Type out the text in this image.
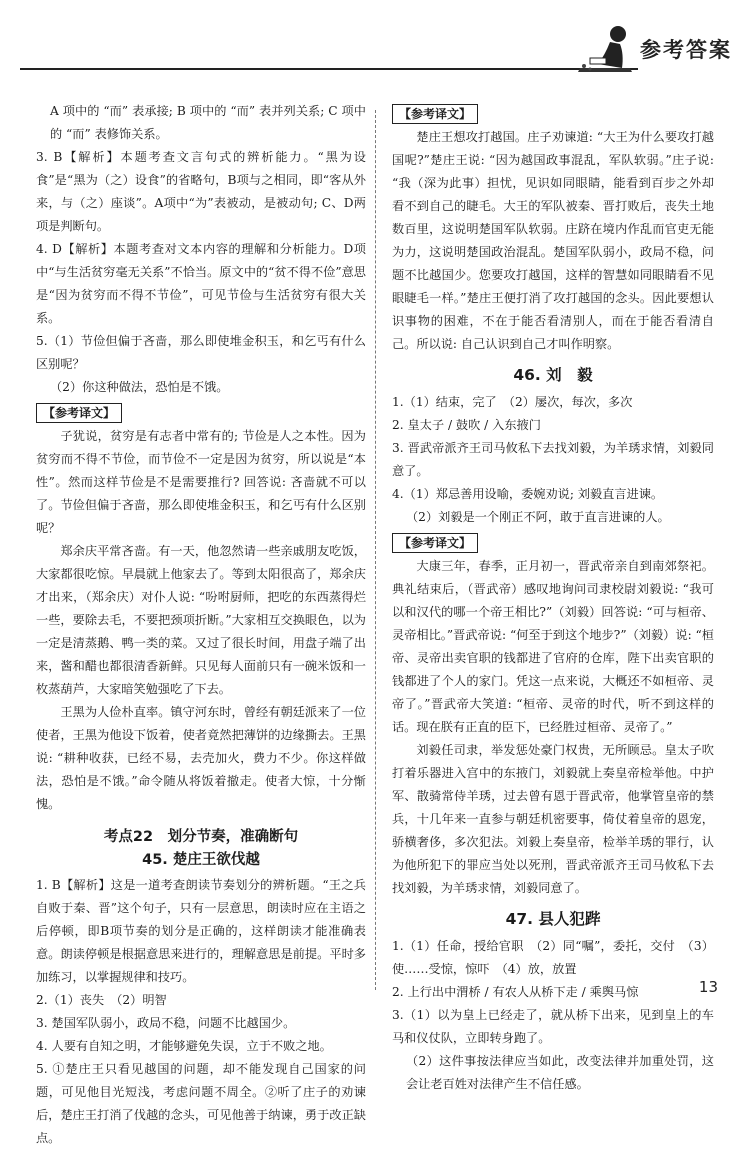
参考答案

A 项中的 “而” 表承接; B 项中的 “而” 表并列关系; C 项中的 “而” 表修饰关系。

3. B【解析】本题考查文言句式的辨析能力。“黑为设食”是“黑为（之）设食”的省略句，B项与之相同，即“客从外来，与（之）座谈”。A项中“为”表被动，是被动句; C、D两项是判断句。

4. D【解析】本题考查对文本内容的理解和分析能力。D项中“与生活贫穷毫无关系”不恰当。原文中的“贫不得不俭”意思是“因为贫穷而不得不节俭”，可见节俭与生活贫穷有很大关系。

5.（1）节俭但偏于吝啬，那么即使堆金积玉，和乞丐有什么区别呢？

（2）你这种做法，恐怕是不饿。

【参考译文】

子犹说，贫穷是有志者中常有的; 节俭是人之本性。因为贫穷而不得不节俭，而节俭不一定是因为贫穷，所以说是“本性”。然而这样节俭是不是需要推行? 回答说: 吝啬就不可以了。节俭但偏于吝啬，那么即使堆金积玉，和乞丐有什么区别呢？

郑余庆平常吝啬。有一天，他忽然请一些亲戚朋友吃饭，大家都很吃惊。早晨就上他家去了。等到太阳很高了，郑余庆才出来，（郑余庆）对仆人说: “吩咐厨师，把吃的东西蒸得烂一些，要除去毛，不要把颈项折断。”大家相互交换眼色，以为一定是清蒸鹅、鸭一类的菜。又过了很长时间，用盘子端了出来，酱和醋也都很清香新鲜。只见每人面前只有一碗米饭和一枚蒸葫芦，大家暗笑勉强吃了下去。

王黑为人俭朴直率。镇守河东时，曾经有朝廷派来了一位使者，王黑为他设下饭着，使者竟然把薄饼的边缘撕去。王黑说: “耕种收获，已经不易，去壳加火，费力不少。你这样做法，恐怕是不饿。”命令随从将饭着撤走。使者大惊，十分惭愧。

考点22　划分节奏，准确断句

45. 楚庄王欲伐越

1. B【解析】这是一道考查朗读节奏划分的辨析题。“王之兵自败于秦、晋”这个句子，只有一层意思，朗读时应在主语之后停顿，即B项节奏的划分是正确的，这样朗读才能准确表意。朗读停顿是根据意思来进行的，理解意思是前提。平时多加练习，以掌握规律和技巧。

2.（1）丧失　（2）明智

3. 楚国军队弱小，政局不稳，问题不比越国少。

4. 人要有自知之明，才能够避免失误，立于不败之地。

5. ①楚庄王只看见越国的问题，却不能发现自己国家的问题，可见他目光短浅，考虑问题不周全。②听了庄子的劝谏后，楚庄王打消了伐越的念头，可见他善于纳谏，勇于改正缺点。

【参考译文】

楚庄王想攻打越国。庄子劝谏道: “大王为什么要攻打越国呢?”楚庄王说: “因为越国政事混乱，军队软弱。”庄子说: “我（深为此事）担忧，见识如同眼睛，能看到百步之外却看不到自己的睫毛。大王的军队被秦、晋打败后，丧失土地数百里，这说明楚国军队软弱。庄跻在境内作乱而官吏无能为力，这说明楚国政治混乱。楚国军队弱小，政局不稳，问题不比越国少。您要攻打越国，这样的智慧如同眼睛看不见眼睫毛一样。”楚庄王便打消了攻打越国的念头。因此要想认识事物的困难，不在于能否看清别人，而在于能否看清自己。所以说: 自己认识到自己才叫作明察。

46. 刘　毅

1.（1）结束，完了　（2）屡次，每次，多次

2. 皇太子 / 鼓吹 / 入东掖门

3. 晋武帝派齐王司马攸私下去找刘毅，为羊琇求情，刘毅同意了。

4.（1）郑忌善用设喻，委婉劝说; 刘毅直言进谏。

（2）刘毅是一个刚正不阿，敢于直言进谏的人。

【参考译文】

大康三年，春季，正月初一，晋武帝亲自到南郊祭祀。典礼结束后，（晋武帝）感叹地询问司隶校尉刘毅说: “我可以和汉代的哪一个帝王相比?”（刘毅）回答说: “可与桓帝、灵帝相比。”晋武帝说: “何至于到这个地步?”（刘毅）说: “桓帝、灵帝出卖官职的钱都进了官府的仓库，陛下出卖官职的钱都进了个人的家门。凭这一点来说，大概还不如桓帝、灵帝了。”晋武帝大笑道: “桓帝、灵帝的时代，听不到这样的话。现在朕有正直的臣下，已经胜过桓帝、灵帝了。”

刘毅任司隶，举发惩处豪门权贵，无所顾忌。皇太子吹打着乐器进入宫中的东掖门，刘毅就上奏皇帝检举他。中护军、散骑常侍羊琇，过去曾有恩于晋武帝，他掌管皇帝的禁兵，十几年来一直参与朝廷机密要事，倚仗着皇帝的恩宠，骄横奢侈，多次犯法。刘毅上奏皇帝，检举羊琇的罪行，认为他所犯下的罪应当处以死刑，晋武帝派齐王司马攸私下去找刘毅，为羊琇求情，刘毅同意了。

47. 县人犯跸

1.（1）任命，授给官职　（2）同“嘱”，委托，交付　（3）使……受惊，惊吓　（4）放，放置

2. 上行出中渭桥 / 有农人从桥下走 / 乘舆马惊

3.（1）以为皇上已经走了，就从桥下出来，见到皇上的车马和仪仗队，立即转身跑了。

（2）这件事按法律应当如此，改变法律并加重处罚，这会让老百姓对法律产生不信任感。

13
